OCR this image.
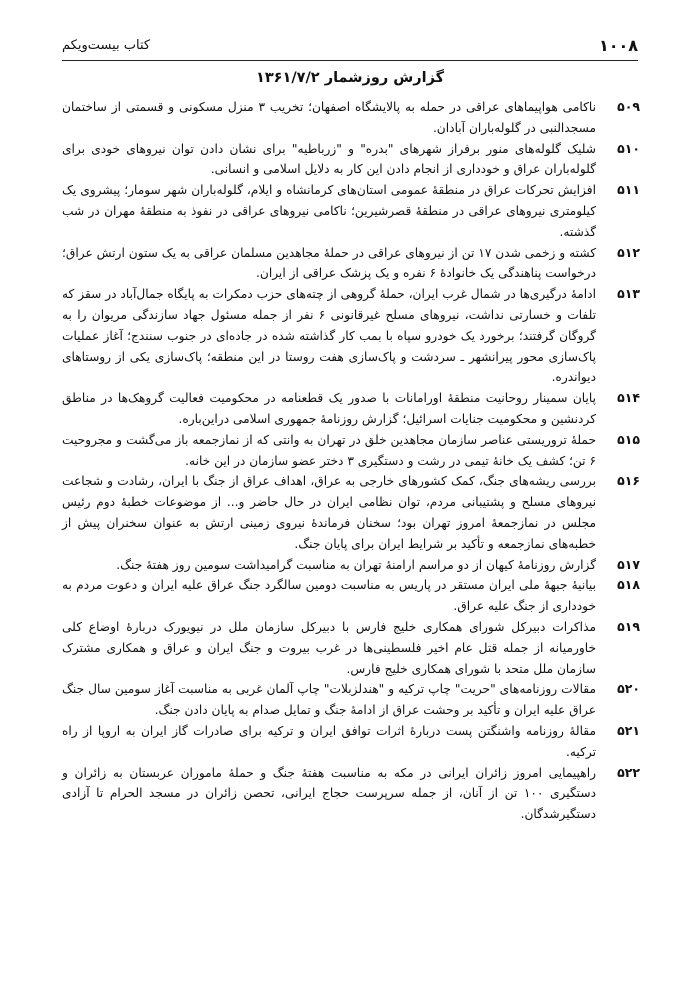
۱۰۰۸
کتاب بیست‌ویکم
گزارش روزشمار ۱۳۶۱/۷/۲
۵۰۹
ناکامی هواپیماهای عراقی در حمله به پالایشگاه اصفهان؛ تخریب ۳ منزل مسکونی و قسمتی از ساختمان مسجدالنبی در گلوله‌باران آبادان.
۵۱۰
شلیک گلوله‌های منور برفراز شهرهای "بدره" و "زرباطیه" برای نشان دادن توان نیروهای خودی برای گلوله‌باران عراق و خودداری از انجام دادن این کار به دلایل اسلامی و انسانی.
۵۱۱
افزایش تحرکات عراق در منطقهٔ عمومی استان‌های کرمانشاه و ایلام، گلوله‌باران شهر سومار؛ پیشروی یک کیلومتری نیروهای عراقی در منطقهٔ قصرشیرین؛ ناکامی نیروهای عراقی در نفوذ به منطقهٔ مهران در شب گذشته.
۵۱۲
کشته و زخمی شدن ۱۷ تن از نیروهای عراقی در حملهٔ مجاهدین مسلمان عراقی به یک ستون ارتش عراق؛ درخواست پناهندگی یک خانوادهٔ ۶ نفره و یک پزشک عراقی از ایران.
۵۱۳
ادامهٔ درگیری‌ها در شمال غرب ایران، حملهٔ گروهی از چته‌های حزب دمکرات به پایگاه جمال‌آباد در سقز که تلفات و خسارتی نداشت، نیروهای مسلح غیرقانونی ۶ نفر از جمله مسئول جهاد سازندگی مریوان را به گروگان گرفتند؛ برخورد یک خودرو سپاه با بمب کار گذاشته شده در جاده‌ای در جنوب سنندج؛ آغاز عملیات پاک‌سازی محور پیرانشهر ـ سردشت و پاک‌سازی هفت روستا در این منطقه؛ پاک‌سازی یکی از روستاهای دیواندره.
۵۱۴
پایان سمینار روحانیت منطقهٔ اورامانات با صدور یک قطعنامه در محکومیت فعالیت گروهک‌ها در مناطق کردنشین و محکومیت جنایات اسرائیل؛ گزارش روزنامهٔ جمهوری اسلامی دراین‌باره.
۵۱۵
حملهٔ تروریستی عناصر سازمان مجاهدین خلق در تهران به وانتی که از نمازجمعه باز می‌گشت و مجروحیت ۶ تن؛ کشف یک خانهٔ تیمی در رشت و دستگیری ۳ دختر عضو سازمان در این خانه.
۵۱۶
بررسی ریشه‌های جنگ، کمک کشورهای خارجی به عراق، اهداف عراق از جنگ با ایران، رشادت و شجاعت نیروهای مسلح و پشتیبانی مردم، توان نظامی ایران در حال حاضر و... از موضوعات خطبهٔ دوم رئیس مجلس در نمازجمعهٔ امروز تهران بود؛ سخنان فرماندهٔ نیروی زمینی ارتش به عنوان سخنران پیش از خطبه‌های نمازجمعه و تأکید بر شرایط ایران برای پایان جنگ.
۵۱۷
گزارش روزنامهٔ کیهان از دو مراسم ارامنهٔ تهران به مناسبت گرامیداشت سومین روز هفتهٔ جنگ.
۵۱۸
بیانیهٔ جبههٔ ملی ایران مستقر در پاریس به مناسبت دومین سالگرد جنگ عراق علیه ایران و دعوت مردم به خودداری از جنگ علیه عراق.
۵۱۹
مذاکرات دبیرکل شورای همکاری خلیج فارس با دبیرکل سازمان ملل در نیویورک دربارهٔ اوضاع کلی خاورمیانه از جمله قتل عام اخیر فلسطینی‌ها در غرب بیروت و جنگ ایران و عراق و همکاری مشترک سازمان ملل متحد با شورای همکاری خلیج فارس.
۵۲۰
مقالات روزنامه‌های "حریت" چاپ ترکیه و "هندلزبلات" چاپ آلمان غربی به مناسبت آغاز سومین سال جنگ عراق علیه ایران و تأکید بر وحشت عراق از ادامهٔ جنگ و تمایل صدام به پایان دادن جنگ.
۵۲۱
مقالهٔ روزنامه واشنگتن پست دربارهٔ اثرات توافق ایران و ترکیه برای صادرات گاز ایران به اروپا از راه ترکیه.
۵۲۲
راهپیمایی امروز زائران ایرانی در مکه به مناسبت هفتهٔ جنگ و حملهٔ ماموران عربستان به زائران و دستگیری ۱۰۰ تن از آنان، از جمله سرپرست حجاج ایرانی، تحصن زائران در مسجد الحرام تا آزادی دستگیرشدگان.
